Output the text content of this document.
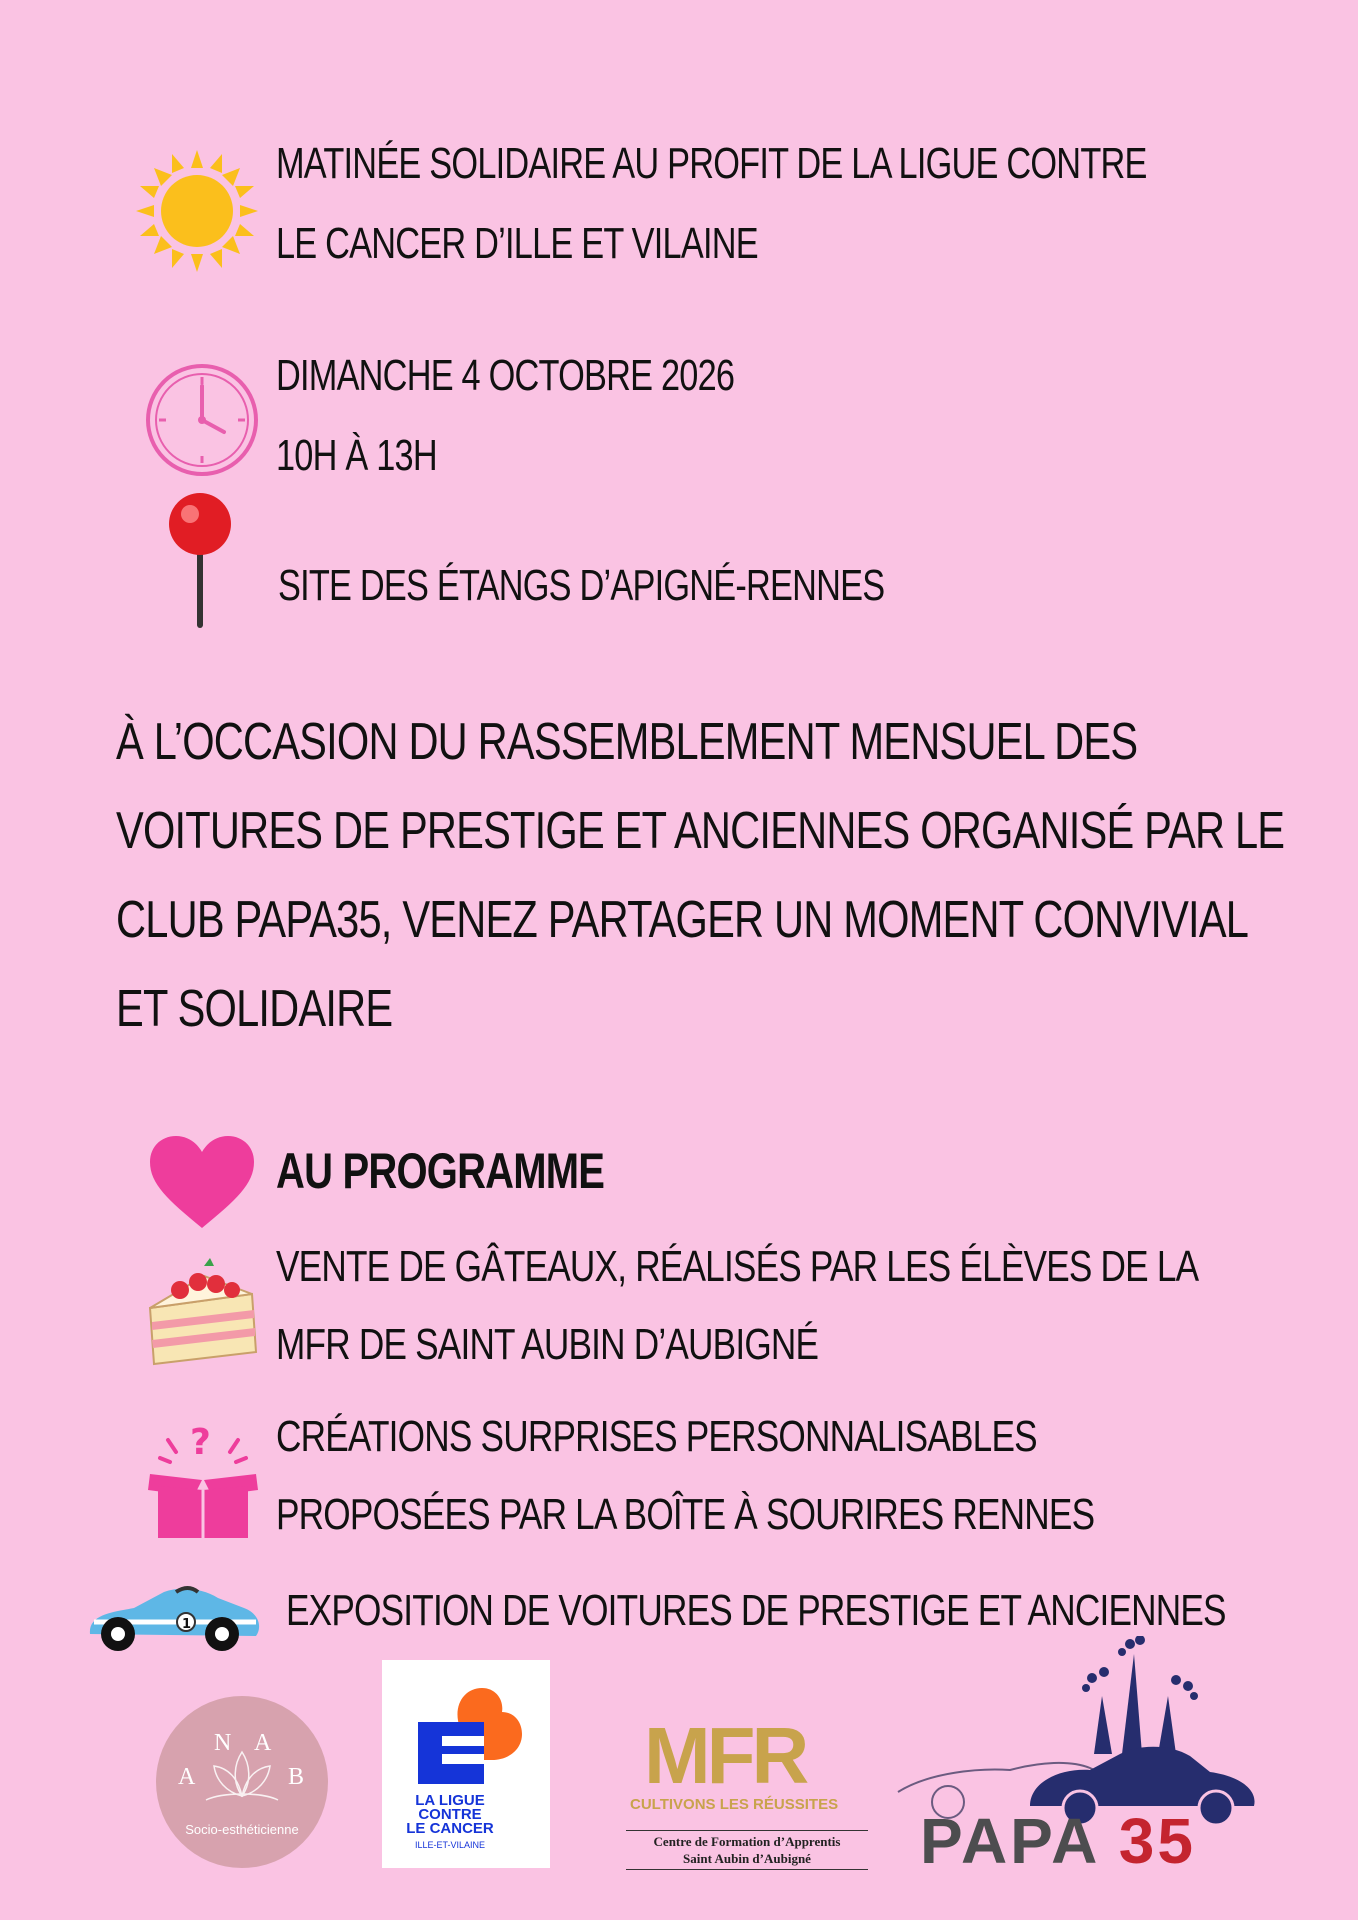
MATINÉE SOLIDAIRE AU PROFIT DE LA LIGUE CONTRE
LE CANCER D’ILLE ET VILAINE
DIMANCHE 4 OCTOBRE 2026
10H À 13H
SITE DES ÉTANGS D’APIGNÉ-RENNES
À L’OCCASION DU RASSEMBLEMENT MENSUEL DES
VOITURES DE PRESTIGE ET ANCIENNES ORGANISÉ PAR LE
CLUB PAPA35, VENEZ PARTAGER UN MOMENT CONVIVIAL
ET SOLIDAIRE
AU PROGRAMME
VENTE DE GÂTEAUX, RÉALISÉS PAR LES ÉLÈVES DE LA
MFR DE SAINT AUBIN D’AUBIGNÉ
? CRÉATIONS SURPRISES PERSONNALISABLES
PROPOSÉES PAR LA BOÎTE À SOURIRES RENNES
1 EXPOSITION DE VOITURES DE PRESTIGE ET ANCIENNES
A
N A
B
Socio-esthéticienne
LA LIGUE
CONTRE
LE CANCER
ILLE-ET-VILAINE
MFR
CULTIVONS LES RÉUSSITES
Centre de Formation d’Apprentis
Saint Aubin d’Aubigné	PAPA 35
